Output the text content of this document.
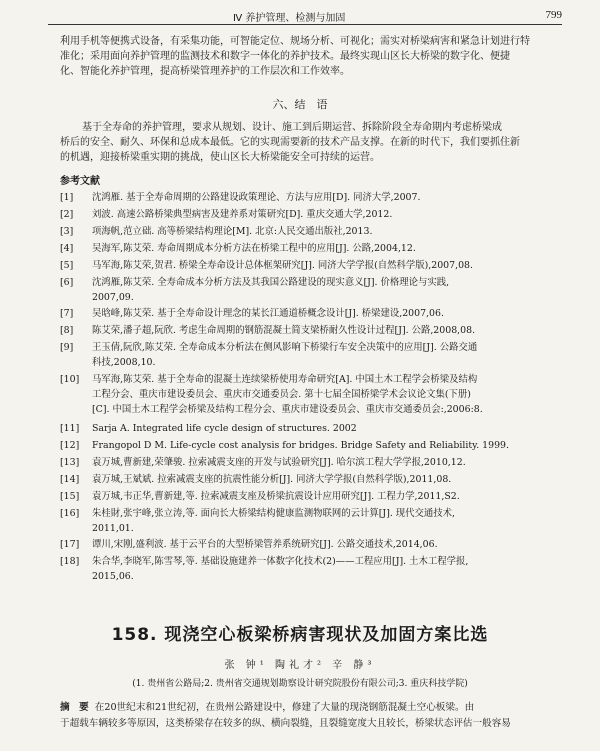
Ⅳ 养护管理、检测与加固	799
利用手机等便携式设备，有采集功能，可智能定位、规场分析、可视化；需实对桥梁病害和紧急计划进行特
准化；采用面向养护管理的监测技术和数字一体化的养护技术。最终实现山区长大桥梁的数字化、便捷
化、智能化养护管理，提高桥梁管理养护的工作层次和工作效率。
六、结　语
基于全寿命的养护管理，要求从规划、设计、施工到后期运营、拆除阶段全寿命期内考虑桥梁成
桥后的安全、耐久、环保和总成本最低。它的实现需要新的技术产品支撑。在新的时代下，我们要抓住新
的机遇，迎接桥梁重实期的挑战，使山区长大桥梁能安全可持续的运营。
参考文献
[1]	沈鸿雁. 基于全寿命周期的公路建设政策理论、方法与应用[D]. 同济大学,2007.
[2]	刘波. 高速公路桥梁典型病害及建养系对策研究[D]. 重庆交通大学,2012.
[3]	项海帆,范立础. 高等桥梁结构理论[M]. 北京:人民交通出版社,2013.
[4]	吴海军,陈艾荣. 寿命周期成本分析方法在桥梁工程中的应用[J]. 公路,2004,12.
[5]	马军海,陈艾荣,贺君. 桥梁全寿命设计总体框架研究[J]. 同济大学学报(自然科学版),2007,08.
[6]	沈鸿雁,陈艾荣. 全寿命成本分析方法及其我国公路建设的现实意义[J]. 价格理论与实践,
2007,09.
[7]	吴晗峰,陈艾荣. 基于全寿命设计理念的某长江通道桥概念设计[J]. 桥梁建设,2007,06.
[8]	陈艾荣,潘子超,阮欣. 考虑生命周期的钢筋混凝土简支梁桥耐久性设计过程[J]. 公路,2008,08.
[9]	王玉倩,阮欣,陈艾荣. 全寿命成本分析法在侧风影响下桥梁行车安全决策中的应用[J]. 公路交通
科技,2008,10.
[10]	马军海,陈艾荣. 基于全寿命的混凝土连续梁桥使用寿命研究[A]. 中国土木工程学会桥梁及结构
工程分会、重庆市建设委员会、重庆市交通委员会. 第十七届全国桥梁学术会议论文集(下册)
[C]. 中国土木工程学会桥梁及结构工程分会、重庆市建设委员会、重庆市交通委员会:,2006:8.
[11]	Sarja A. Integrated life cycle design of structures. 2002
[12]	Frangopol D M. Life-cycle cost analysis for bridges. Bridge Safety and Reliability. 1999.
[13]	袁万城,曹新建,荣肇骏. 拉索减震支座的开发与试验研究[J]. 哈尔滨工程大学学报,2010,12.
[14]	袁万城,王斌斌. 拉索减震支座的抗震性能分析[J]. 同济大学学报(自然科学版),2011,08.
[15]	袁万城,韦正华,曹新建,等. 拉索减震支座及桥梁抗震设计应用研究[J]. 工程力学,2011,S2.
[16]	朱桂財,张宇峰,张立涛,等. 面向长大桥梁结构健康监测物联网的云计算[J]. 现代交通技术,
2011,01.
[17]	谭川,宋刚,盛利波. 基于云平台的大型桥梁管养系统研究[J]. 公路交通技术,2014,06.
[18]	朱合华,李晓军,陈雪琴,等. 基础设施建养一体数字化技术(2)——工程应用[J]. 土木工程学报,
2015,06.
158. 现浇空心板梁桥病害现状及加固方案比选
张 钟¹ 陶礼才² 辛 静³
(1. 贵州省公路局;2. 贵州省交通规划勘察设计研究院股份有限公司;3. 重庆科技学院)
摘　要 在20世纪末和21世纪初，在贵州公路建设中，修建了大量的现浇钢筋混凝土空心板梁。由
于超载车辆较多等原因，这类桥梁存在较多的纵、横向裂缝，且裂缝宽度大且较长，桥梁状态评估一般容易
